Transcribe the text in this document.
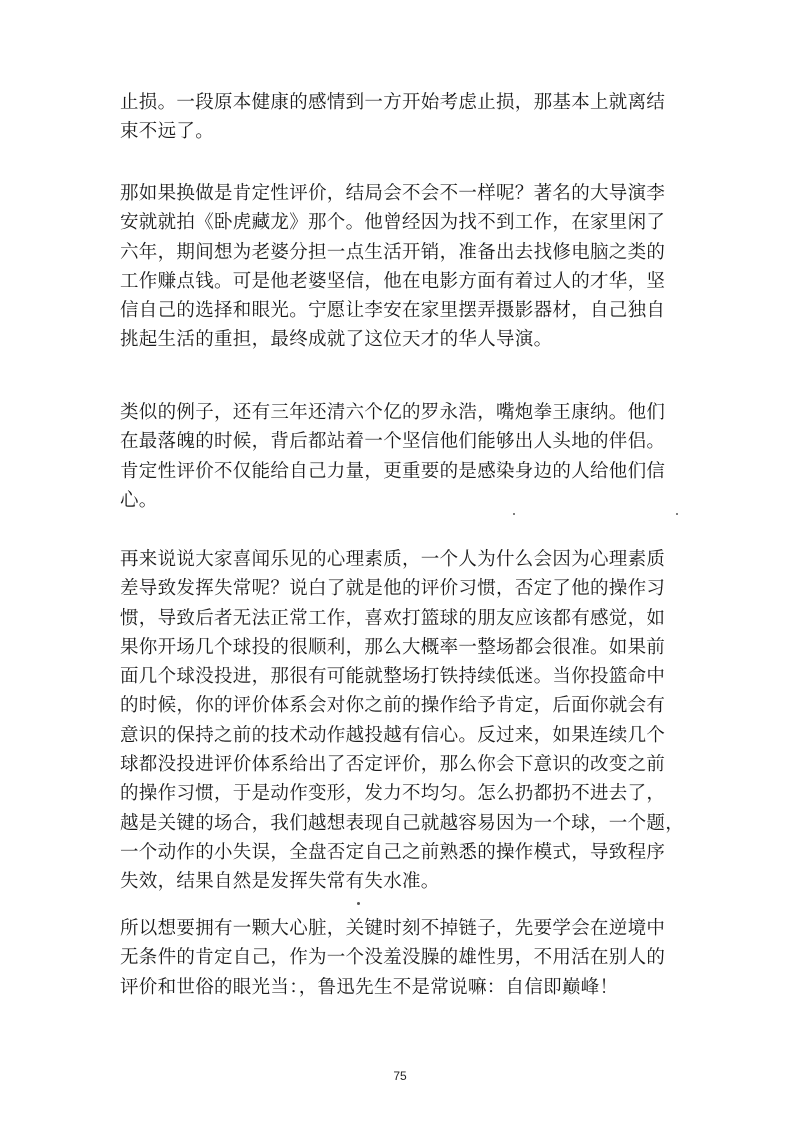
止损。一段原本健康的感情到一方开始考虑止损，那基本上就离结
束不远了。
那如果换做是肯定性评价，结局会不会不一样呢？著名的大导演李
安就就拍《卧虎藏龙》那个。他曾经因为找不到工作，在家里闲了
六年，期间想为老婆分担一点生活开销，准备出去找修电脑之类的
工作赚点钱。可是他老婆坚信，他在电影方面有着过人的才华，坚
信自己的选择和眼光。宁愿让李安在家里摆弄摄影器材，自己独自
挑起生活的重担，最终成就了这位天才的华人导演。
类似的例子，还有三年还清六个亿的罗永浩，嘴炮拳王康纳。他们
在最落魄的时候，背后都站着一个坚信他们能够出人头地的伴侣。
肯定性评价不仅能给自己力量，更重要的是感染身边的人给他们信
心。
再来说说大家喜闻乐见的心理素质，一个人为什么会因为心理素质
差导致发挥失常呢？说白了就是他的评价习惯，否定了他的操作习
惯，导致后者无法正常工作，喜欢打篮球的朋友应该都有感觉，如
果你开场几个球投的很顺利，那么大概率一整场都会很准。如果前
面几个球没投进，那很有可能就整场打铁持续低迷。当你投篮命中
的时候，你的评价体系会对你之前的操作给予肯定，后面你就会有
意识的保持之前的技术动作越投越有信心。反过来，如果连续几个
球都没投进评价体系给出了否定评价，那么你会下意识的改变之前
的操作习惯，于是动作变形，发力不均匀。怎么扔都扔不进去了，
越是关键的场合，我们越想表现自己就越容易因为一个球，一个题，
一个动作的小失误，全盘否定自己之前熟悉的操作模式，导致程序
失效，结果自然是发挥失常有失水准。
所以想要拥有一颗大心脏，关键时刻不掉链子，先要学会在逆境中
无条件的肯定自己，作为一个没羞没臊的雄性男，不用活在别人的
评价和世俗的眼光当：，鲁迅先生不是常说嘛：自信即巅峰！
75
